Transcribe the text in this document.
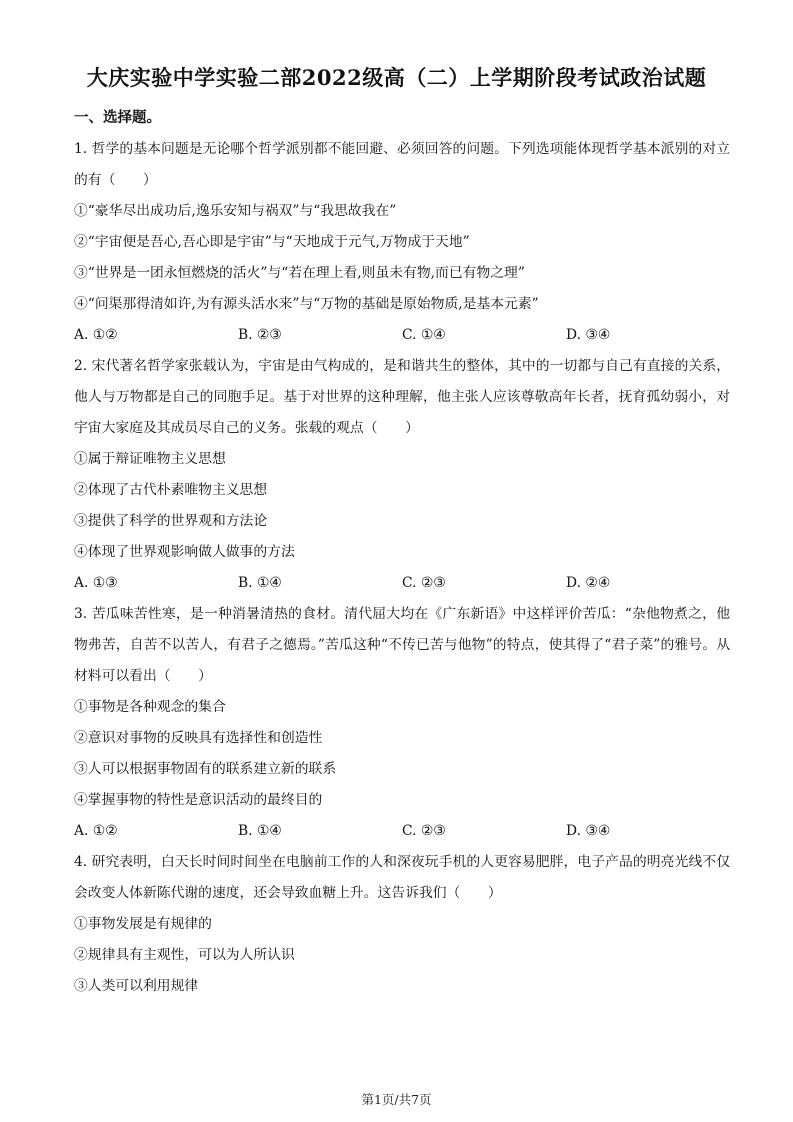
大庆实验中学实验二部2022级高（二）上学期阶段考试政治试题
一、选择题。
1. 哲学的基本问题是无论哪个哲学派别都不能回避、必须回答的问题。下列选项能体现哲学基本派别的对立的有（　　）
①“豪华尽出成功后,逸乐安知与祸双”与“我思故我在”
②“宇宙便是吾心,吾心即是宇宙”与“天地成于元气,万物成于天地”
③“世界是一团永恒燃烧的活火”与“若在理上看,则虽未有物,而已有物之理”
④“问渠那得清如许,为有源头活水来”与“万物的基础是原始物质,是基本元素”
A. ①②	B. ②③	C. ①④	D. ③④
2. 宋代著名哲学家张载认为，宇宙是由气构成的，是和谐共生的整体，其中的一切都与自己有直接的关系，他人与万物都是自己的同胞手足。基于对世界的这种理解，他主张人应该尊敬高年长者，抚育孤幼弱小，对宇宙大家庭及其成员尽自己的义务。张载的观点（　　）
①属于辩证唯物主义思想
②体现了古代朴素唯物主义思想
③提供了科学的世界观和方法论
④体现了世界观影响做人做事的方法
A. ①③	B. ①④	C. ②③	D. ②④
3. 苦瓜味苦性寒，是一种消暑清热的食材。清代屈大均在《广东新语》中这样评价苦瓜：“杂他物煮之，他物弗苦，自苦不以苦人，有君子之德焉。”苦瓜这种“不传已苦与他物”的特点，使其得了“君子菜”的雅号。从材料可以看出（　　）
①事物是各种观念的集合
②意识对事物的反映具有选择性和创造性
③人可以根据事物固有的联系建立新的联系
④掌握事物的特性是意识活动的最终目的
A. ①②	B. ①④	C. ②③	D. ③④
4. 研究表明，白天长时间时间坐在电脑前工作的人和深夜玩手机的人更容易肥胖，电子产品的明亮光线不仅会改变人体新陈代谢的速度，还会导致血糖上升。这告诉我们（　　）
①事物发展是有规律的
②规律具有主观性，可以为人所认识
③人类可以利用规律
第1页/共7页
